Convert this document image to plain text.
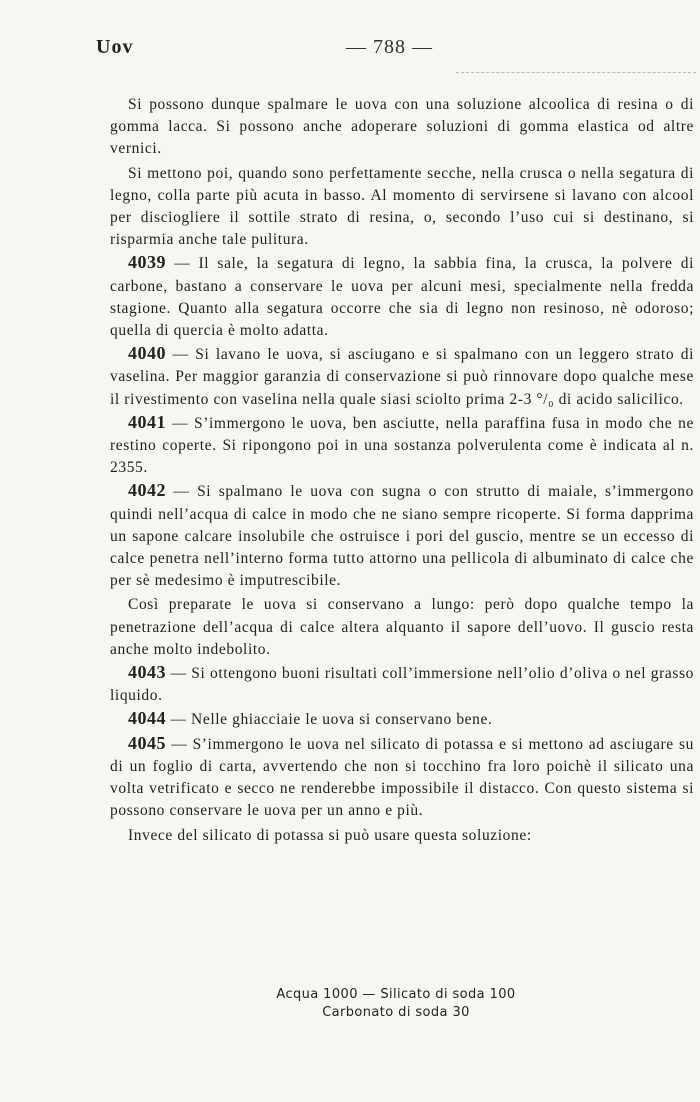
Uov	— 788 —

Si possono dunque spalmare le uova con una soluzione alcoolica di resina o di gomma lacca. Si possono anche adoperare soluzioni di gomma elastica od altre vernici.

Si mettono poi, quando sono perfettamente secche, nella crusca o nella segatura di legno, colla parte più acuta in basso. Al momento di servirsene si lavano con alcool per disciogliere il sottile strato di resina, o, secondo l’uso cui si destinano, si risparmia anche tale pulitura.

4039 — Il sale, la segatura di legno, la sabbia fina, la crusca, la polvere di carbone, bastano a conservare le uova per alcuni mesi, specialmente nella fredda stagione. Quanto alla segatura occorre che sia di legno non resinoso, nè odoroso; quella di quercia è molto adatta.

4040 — Si lavano le uova, si asciugano e si spalmano con un leggero strato di vaselina. Per maggior garanzia di conservazione si può rinnovare dopo qualche mese il rivestimento con vaselina nella quale siasi sciolto prima 2-3 °/₀ di acido salicilico.

4041 — S’immergono le uova, ben asciutte, nella paraffina fusa in modo che ne restino coperte. Si ripongono poi in una sostanza polverulenta come è indicata al n. 2355.

4042 — Si spalmano le uova con sugna o con strutto di maiale, s’immergono quindi nell’acqua di calce in modo che ne siano sempre ricoperte. Si forma dapprima un sapone calcare insolubile che ostruisce i pori del guscio, mentre se un eccesso di calce penetra nell’interno forma tutto attorno una pellicola di albuminato di calce che per sè medesimo è imputrescibile.

Così preparate le uova si conservano a lungo: però dopo qualche tempo la penetrazione dell’acqua di calce altera alquanto il sapore dell’uovo. Il guscio resta anche molto indebolito.

4043 — Si ottengono buoni risultati coll’immersione nell’olio d’oliva o nel grasso liquido.

4044 — Nelle ghiacciaie le uova si conservano bene.

4045 — S’immergono le uova nel silicato di potassa e si mettono ad asciugare su di un foglio di carta, avvertendo che non si tocchino fra loro poichè il silicato una volta vetrificato e secco ne renderebbe impossibile il distacco. Con questo sistema si possono conservare le uova per un anno e più.

Invece del silicato di potassa si può usare questa soluzione:

Acqua 1000 — Silicato di soda 100
Carbonato di soda 30
